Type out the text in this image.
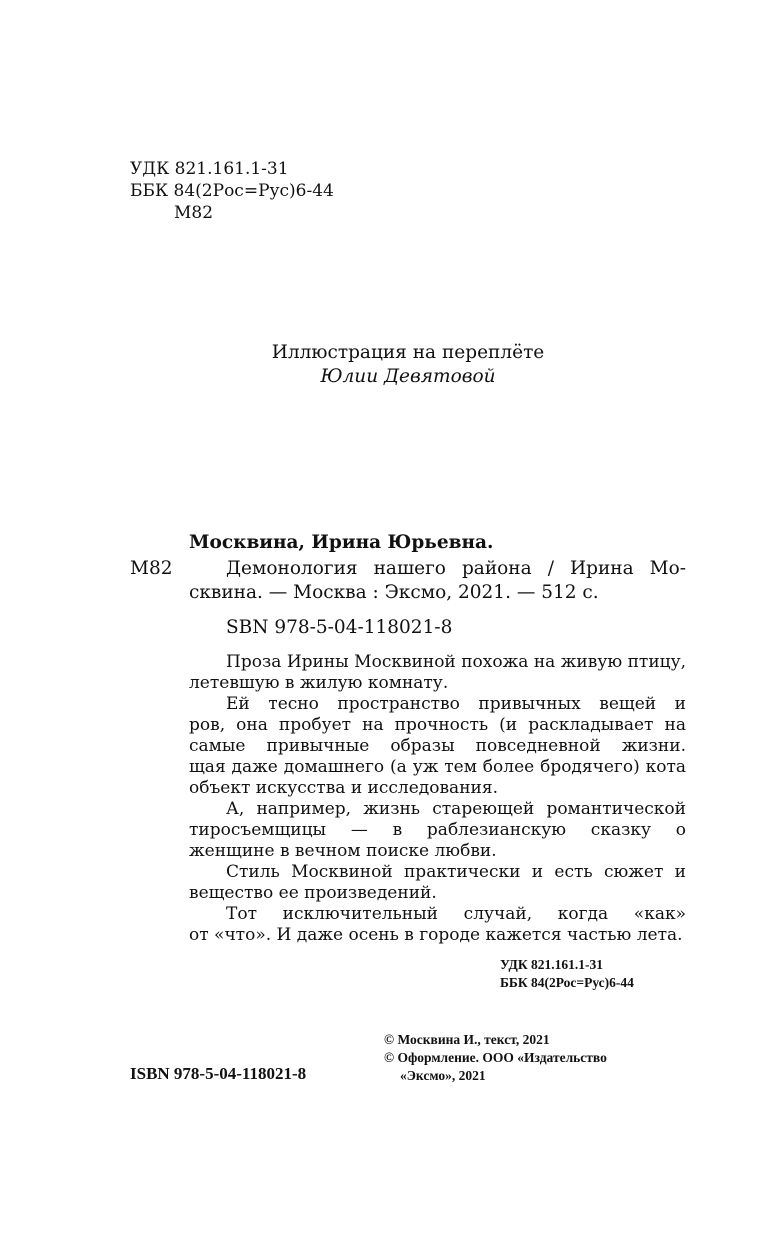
УДК 821.161.1-31
ББК 84(2Рос=Рус)6-44
М82
Иллюстрация на переплёте
Юлии Девятовой
Москвина, Ирина Юрьевна.
М82	Демонология нашего района / Ирина Мо-
сквина. — Москва : Эксмо, 2021. — 512 с.
SBN 978-5-04-118021-8
Проза Ирины Москвиной похожа на живую птицу,
летевшую в жилую комнату.
Ей тесно пространство привычных вещей и
ров, она пробует на прочность (и раскладывает на
самые привычные образы повседневной жизни.
щая даже домашнего (а уж тем более бродячего) кота
объект искусства и исследования.
А, например, жизнь стареющей романтической
тиросъемщицы — в раблезианскую сказку о
женщине в вечном поиске любви.
Стиль Москвиной практически и есть сюжет и
вещество ее произведений.
Тот исключительный случай, когда «как»
от «что». И даже осень в городе кажется частью лета.
УДК 821.161.1-31
ББК 84(2Рос=Рус)6-44
© Москвина И., текст, 2021
© Оформление. ООО «Издательство
«Эксмо», 2021
ISBN 978-5-04-118021-8
